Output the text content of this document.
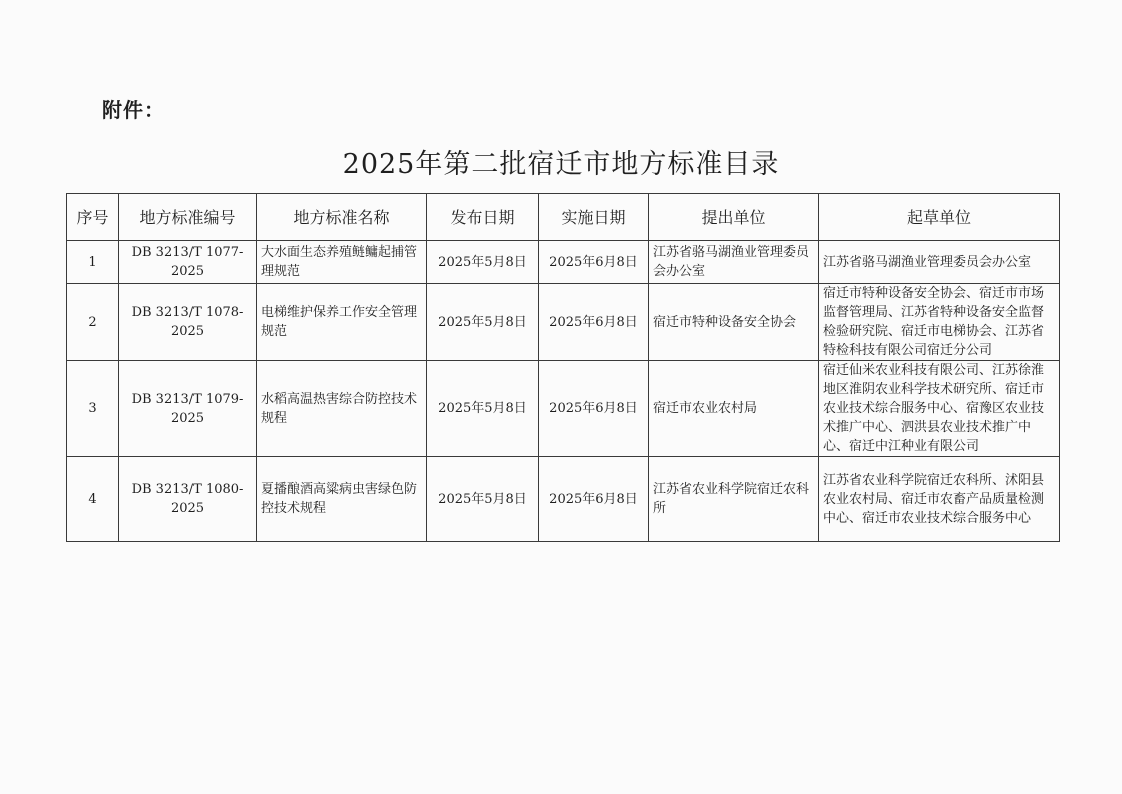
附件：
2025年第二批宿迁市地方标准目录
序号	地方标准编号	地方标准名称	发布日期	实施日期	提出单位	起草单位
1	DB 3213/T 1077-2025	大水面生态养殖鲢鳙起捕管理规范	2025年5月8日	2025年6月8日	江苏省骆马湖渔业管理委员会办公室	江苏省骆马湖渔业管理委员会办公室
2	DB 3213/T 1078-2025	电梯维护保养工作安全管理规范	2025年5月8日	2025年6月8日	宿迁市特种设备安全协会	宿迁市特种设备安全协会、宿迁市市场监督管理局、江苏省特种设备安全监督检验研究院、宿迁市电梯协会、江苏省特检科技有限公司宿迁分公司
3	DB 3213/T 1079-2025	水稻高温热害综合防控技术规程	2025年5月8日	2025年6月8日	宿迁市农业农村局	宿迁仙米农业科技有限公司、江苏徐淮地区淮阴农业科学技术研究所、宿迁市农业技术综合服务中心、宿豫区农业技术推广中心、泗洪县农业技术推广中心、宿迁中江种业有限公司
4	DB 3213/T 1080-2025	夏播酿酒高粱病虫害绿色防控技术规程	2025年5月8日	2025年6月8日	江苏省农业科学院宿迁农科所	江苏省农业科学院宿迁农科所、沭阳县农业农村局、宿迁市农畜产品质量检测中心、宿迁市农业技术综合服务中心
